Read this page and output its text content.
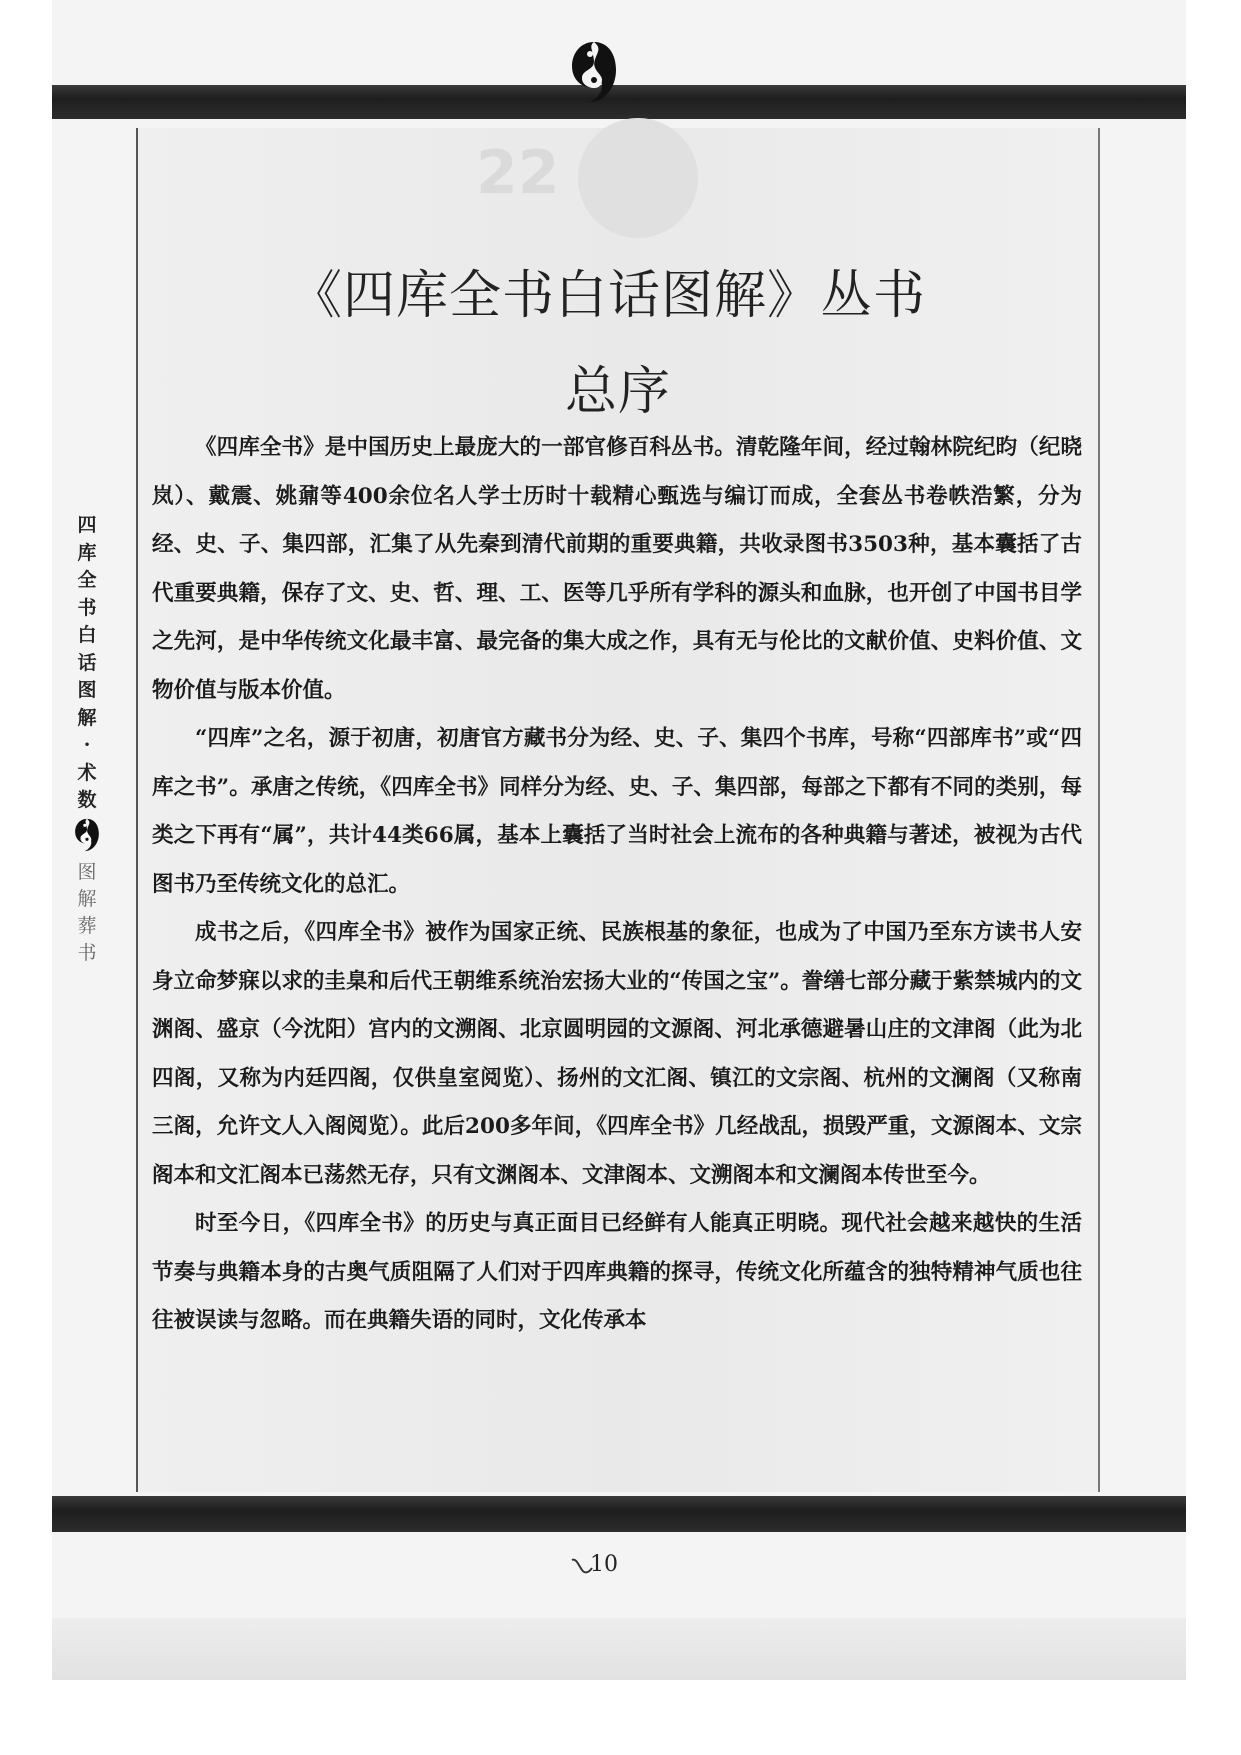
22
《四库全书白话图解》丛书
总序

《四库全书》是中国历史上最庞大的一部官修百科丛书。清乾隆年间，经过翰林院纪昀（纪晓岚）、戴震、姚鼐等400余位名人学士历时十载精心甄选与编订而成，全套丛书卷帙浩繁，分为经、史、子、集四部，汇集了从先秦到清代前期的重要典籍，共收录图书3503种，基本囊括了古代重要典籍，保存了文、史、哲、理、工、医等几乎所有学科的源头和血脉，也开创了中国书目学之先河，是中华传统文化最丰富、最完备的集大成之作，具有无与伦比的文献价值、史料价值、文物价值与版本价值。

“四库”之名，源于初唐，初唐官方藏书分为经、史、子、集四个书库，号称“四部库书”或“四库之书”。承唐之传统，《四库全书》同样分为经、史、子、集四部，每部之下都有不同的类别，每类之下再有“属”，共计44类66属，基本上囊括了当时社会上流布的各种典籍与著述，被视为古代图书乃至传统文化的总汇。

成书之后，《四库全书》被作为国家正统、民族根基的象征，也成为了中国乃至东方读书人安身立命梦寐以求的圭臬和后代王朝维系统治宏扬大业的“传国之宝”。誊缮七部分藏于紫禁城内的文渊阁、盛京（今沈阳）宫内的文溯阁、北京圆明园的文源阁、河北承德避暑山庄的文津阁（此为北四阁，又称为内廷四阁，仅供皇室阅览）、扬州的文汇阁、镇江的文宗阁、杭州的文澜阁（又称南三阁，允许文人入阁阅览）。此后200多年间，《四库全书》几经战乱，损毁严重，文源阁本、文宗阁本和文汇阁本已荡然无存，只有文渊阁本、文津阁本、文溯阁本和文澜阁本传世至今。

时至今日，《四库全书》的历史与真正面目已经鲜有人能真正明晓。现代社会越来越快的生活节奏与典籍本身的古奥气质阻隔了人们对于四库典籍的探寻，传统文化所蕴含的独特精神气质也往往被误读与忽略。而在典籍失语的同时，文化传承本

四
库
全
书
白
话
图
解
·
术
数
图
解
葬
书
10
